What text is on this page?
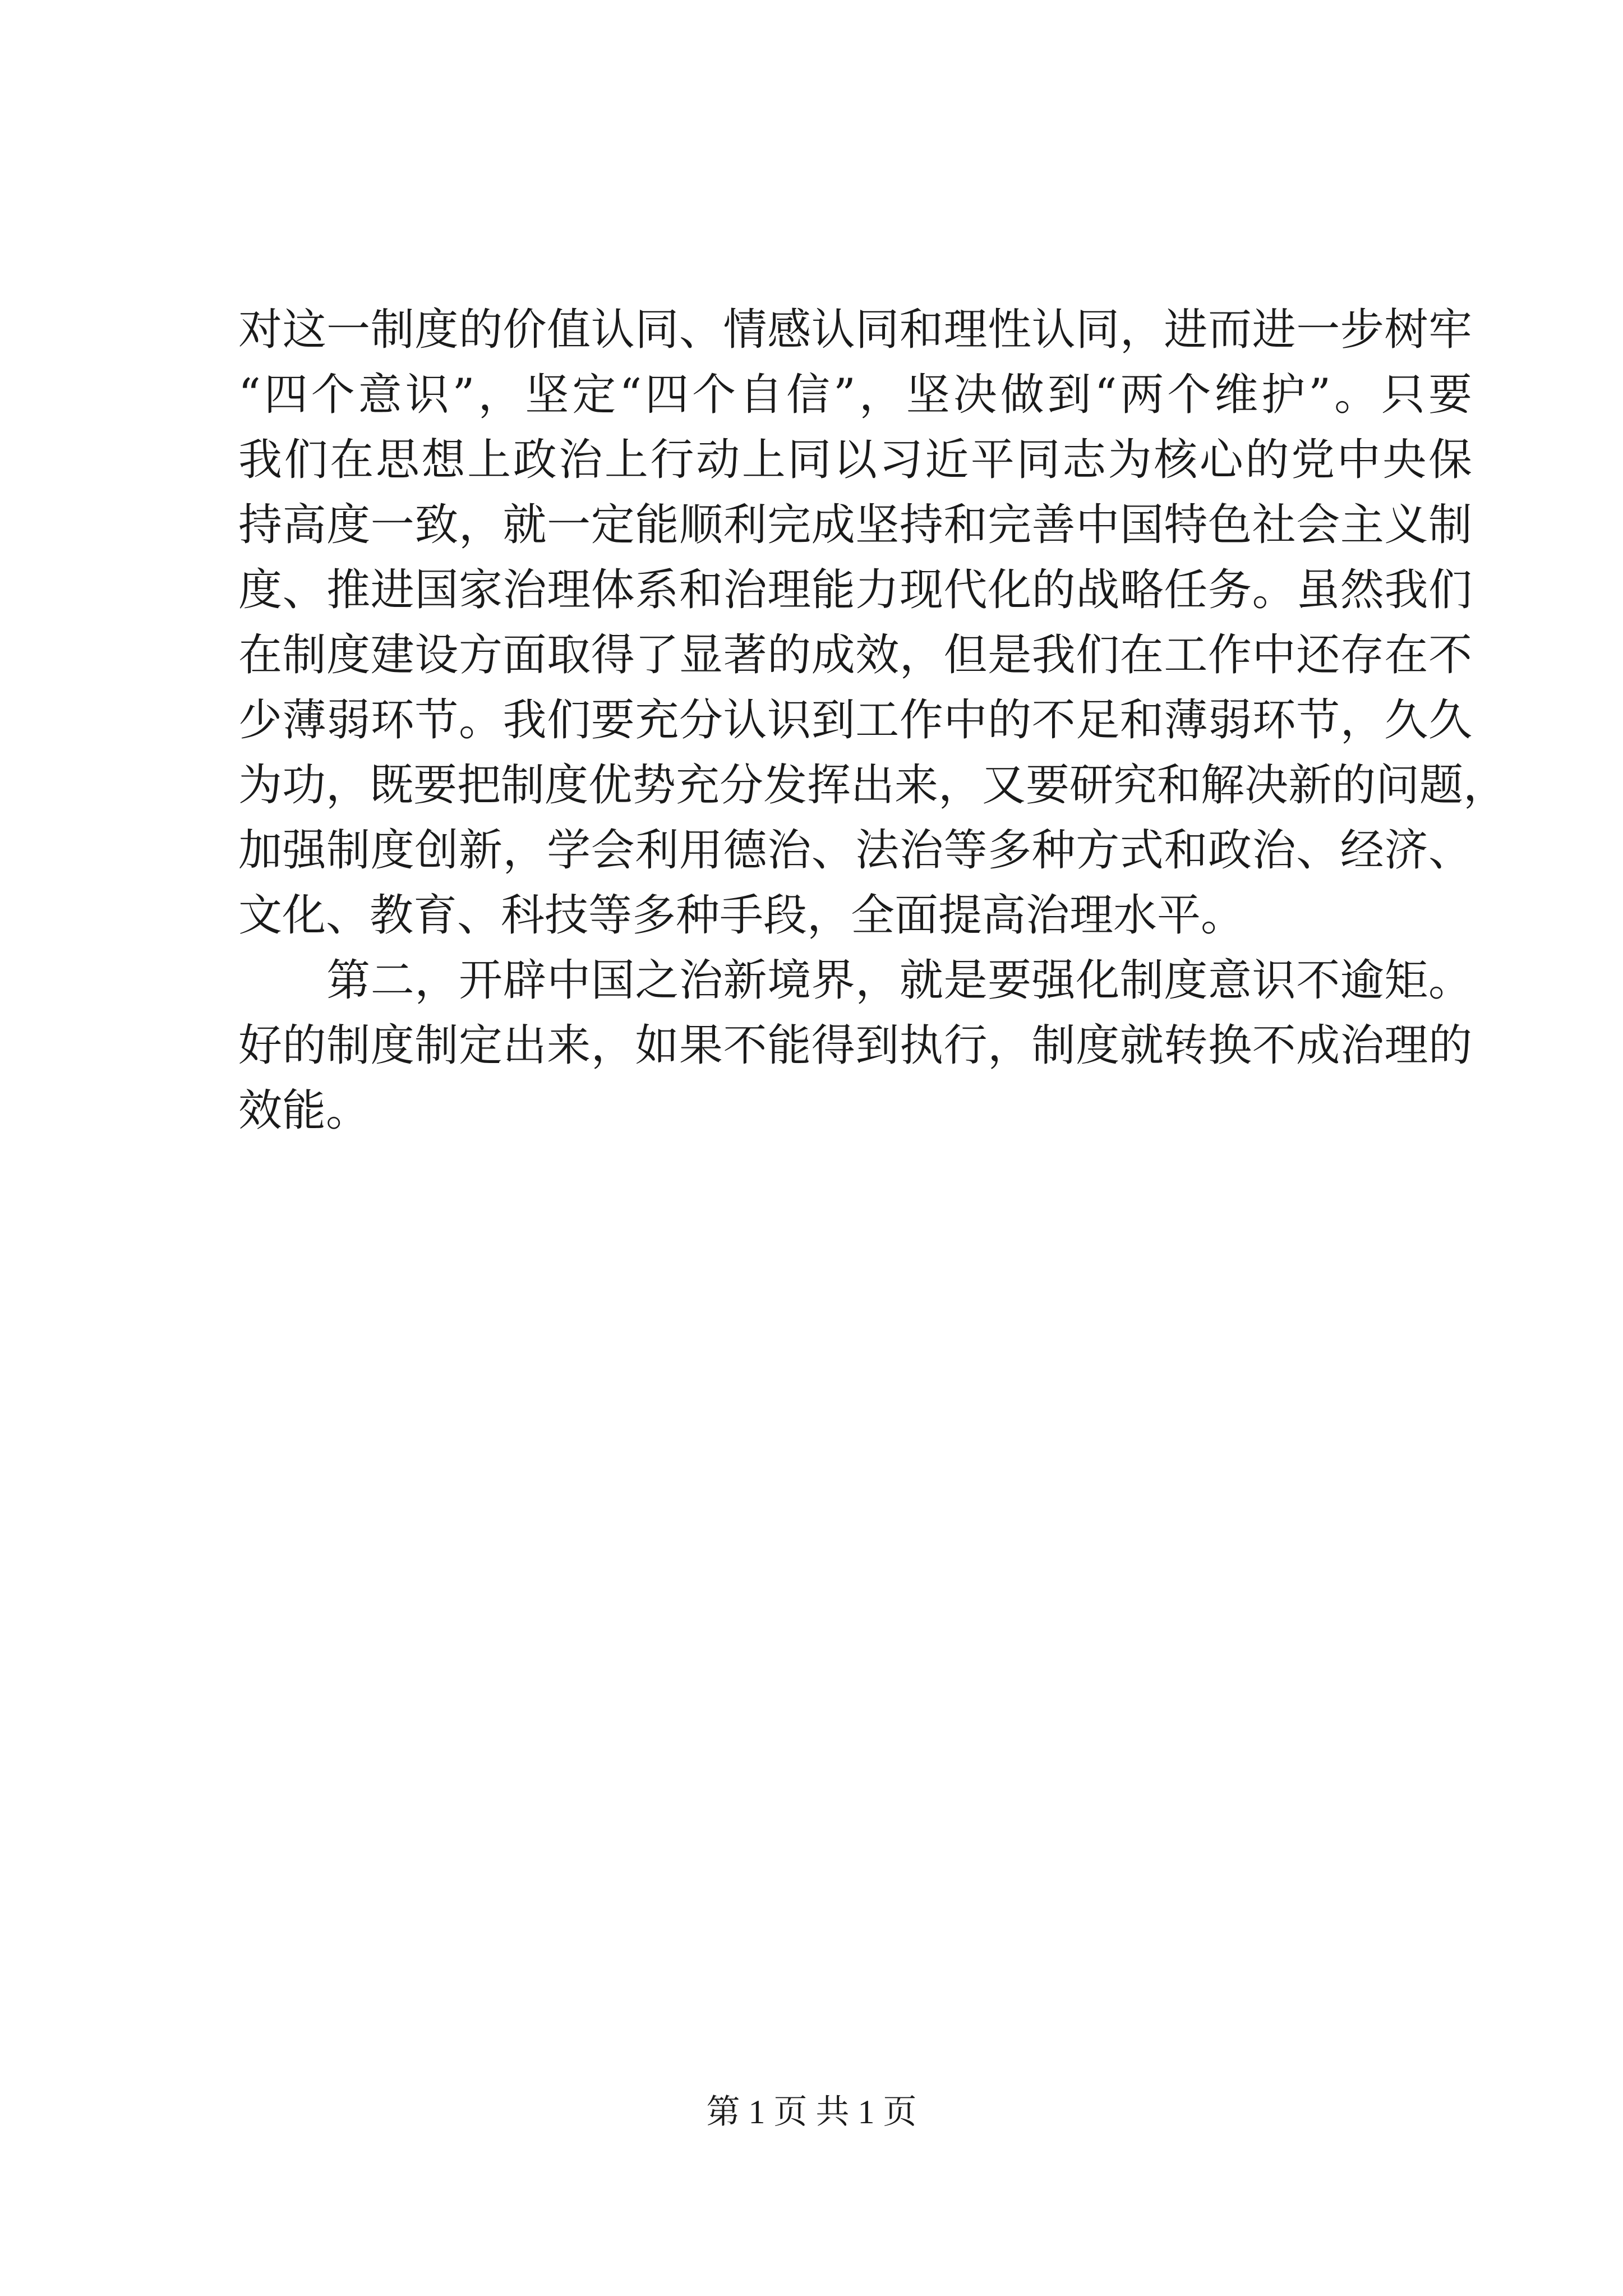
对这一制度的价值认同、情感认同和理性认同，进而进一步树牢
“四个意识”，坚定“四个自信”，坚决做到“两个维护”。只要
我们在思想上政治上行动上同以习近平同志为核心的党中央保
持高度一致，就一定能顺利完成坚持和完善中国特色社会主义制
度、推进国家治理体系和治理能力现代化的战略任务。虽然我们
在制度建设方面取得了显著的成效，但是我们在工作中还存在不
少薄弱环节。我们要充分认识到工作中的不足和薄弱环节，久久
为功，既要把制度优势充分发挥出来，又要研究和解决新的问题，
加强制度创新，学会利用德治、法治等多种方式和政治、经济、
文化、教育、科技等多种手段，全面提高治理水平。
　　第二，开辟中国之治新境界，就是要强化制度意识不逾矩。
好的制度制定出来，如果不能得到执行，制度就转换不成治理的
效能。
第 1 页 共 1 页
